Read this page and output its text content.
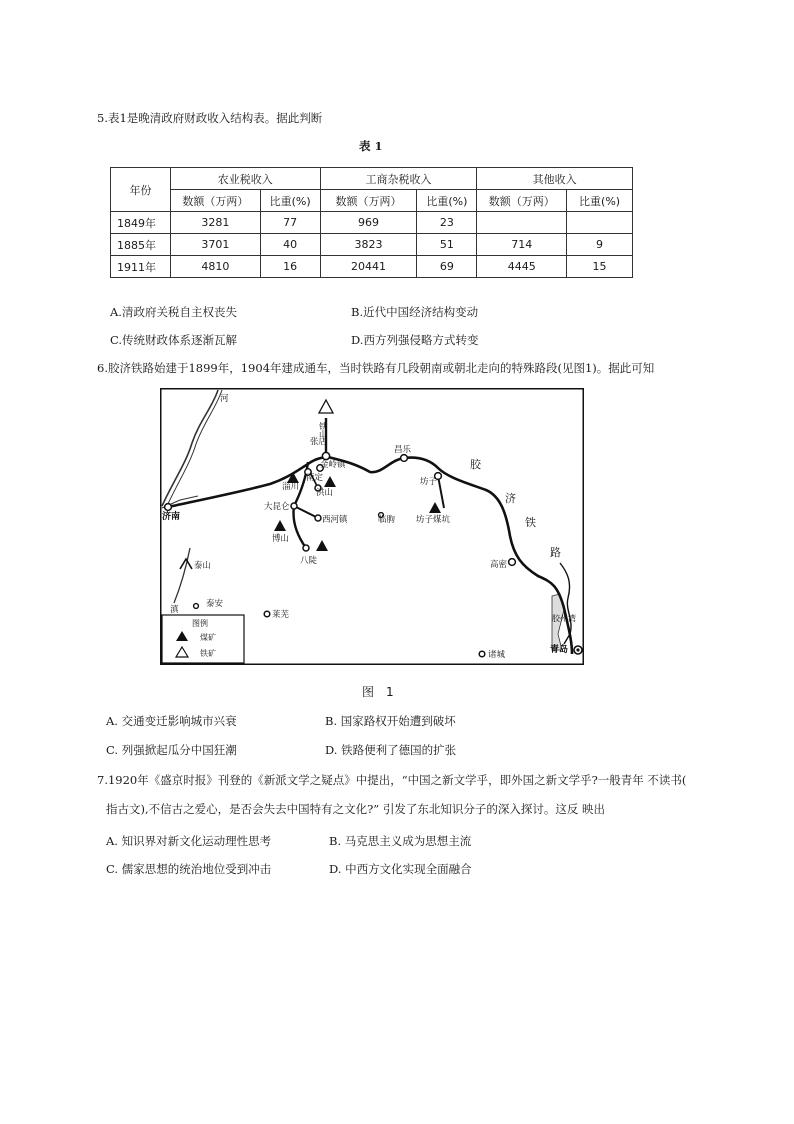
5.表1是晚清政府财政收入结构表。据此判断
表 1
年份	农业税收入		工商杂税收入		其他收入	
	数额（万两）	比重(%)	数额（万两）	比重(%)	数额（万两）	比重(%)
1849年	3281	77	969	23		
1885年	3701	40	3823	51	714	9
1911年	4810	16	20441	69	4445	15
A.清政府关税自主权丧失	B.近代中国经济结构变动
C.传统财政体系逐渐瓦解	D.西方列强侵略方式转变
6.胶济铁路始建于1899年，1904年建成通车，当时铁路有几段朝南或朝北走向的特殊路段(见图1)。据此可知
河
铁山
张店
金岭镇
淄川
南定
洪山
大昆仑
西河镇
博山
八陡
临朐
昌乐
坊子
坊子煤坑
胶
济
铁
路
高密
济南
泰山
泰安
莱芜
诸城	青岛
胶州湾
滇
图例
煤矿
铁矿
图　1
A. 交通变迁影响城市兴衰	B. 国家路权开始遭到破坏
C. 列强掀起瓜分中国狂潮	D. 铁路便利了德国的扩张
7.1920年《盛京时报》刊登的《新派文学之疑点》中提出，“中国之新文学乎，即外国之新文学乎?一般青年 不读书(
指古文),不信古之爱心，是否会失去中国特有之文化?” 引发了东北知识分子的深入探讨。这反 映出
A. 知识界对新文化运动理性思考	B. 马克思主义成为思想主流
C. 儒家思想的统治地位受到冲击	D. 中西方文化实现全面融合
